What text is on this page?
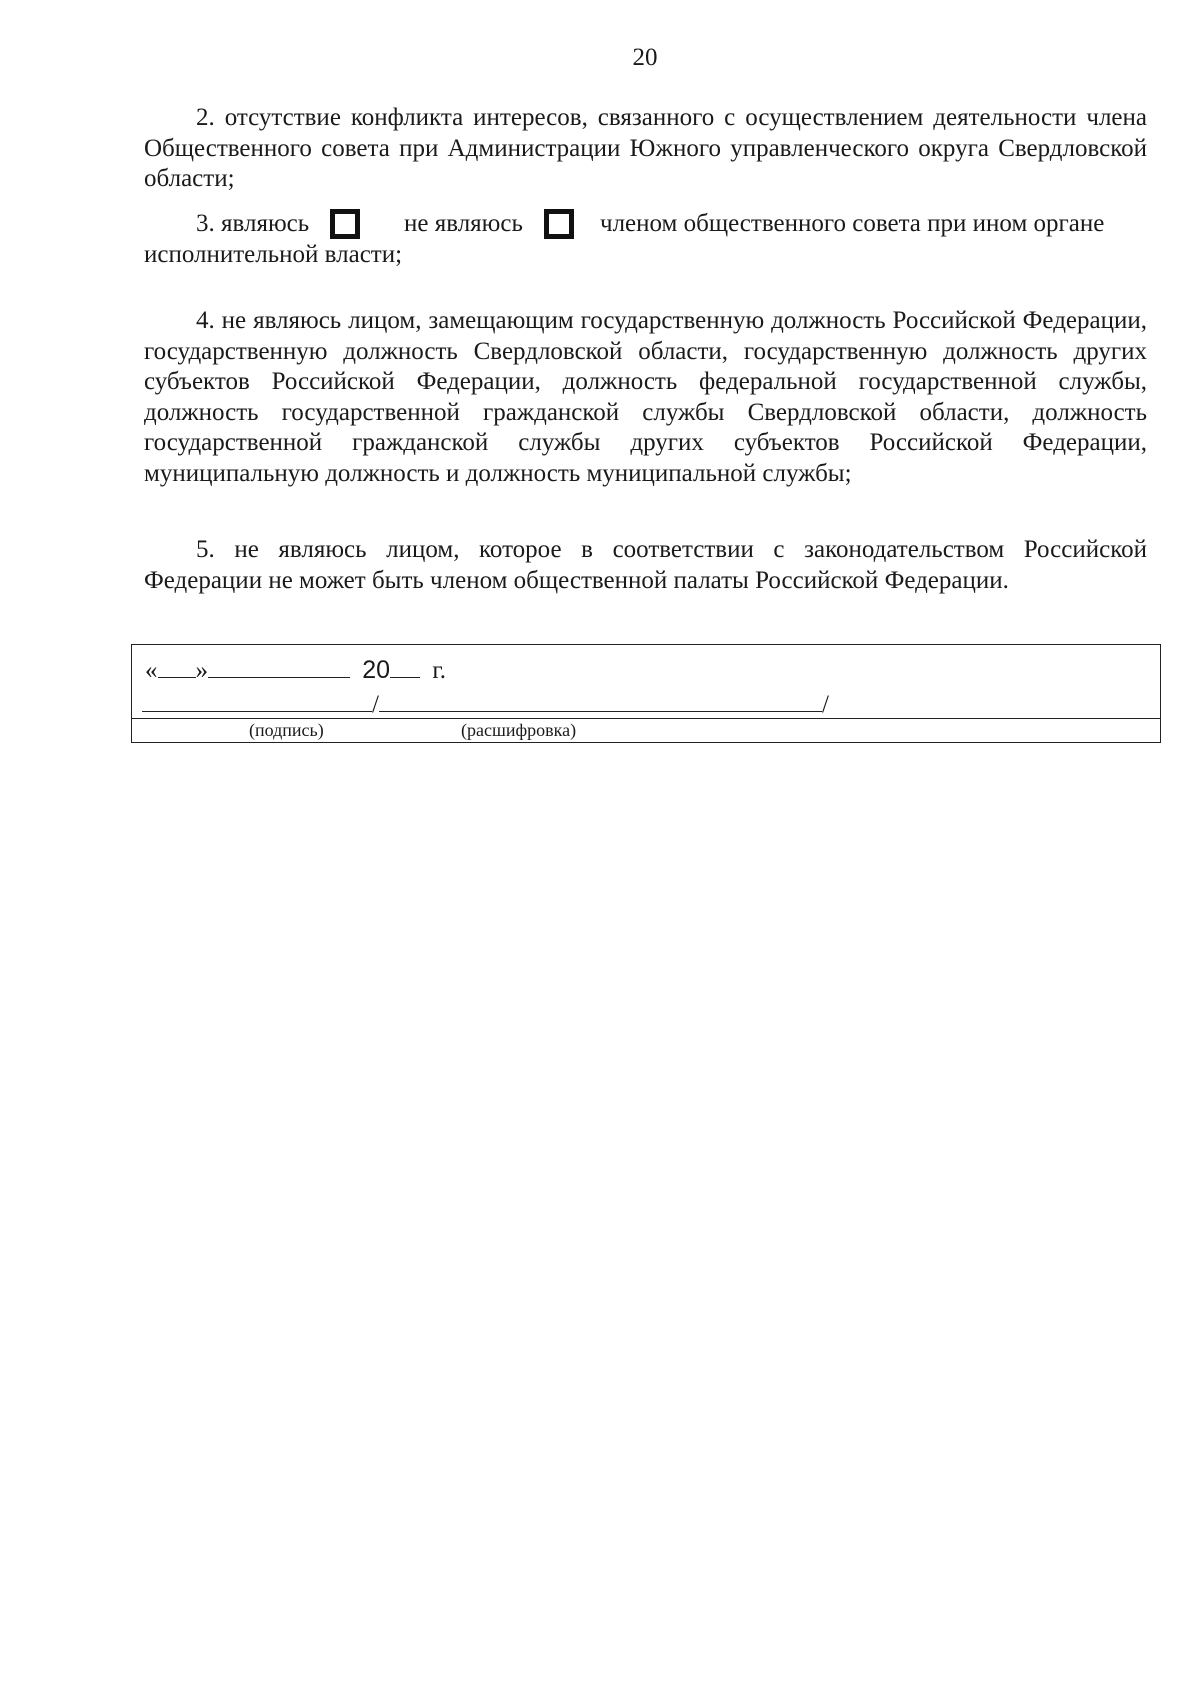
20

2. отсутствие конфликта интересов, связанного с осуществлением деятельности члена Общественного совета при Администрации Южного управленческого округа Свердловской области;

3. являюсь	не являюсь	членом общественного совета при ином органе
исполнительной власти;

4. не являюсь лицом, замещающим государственную должность Российской Федерации, государственную должность Свердловской области, государственную должность других субъектов Российской Федерации, должность федеральной государственной службы, должность государственной гражданской службы Свердловской области, должность государственной гражданской службы других субъектов Российской Федерации, муниципальную должность и должность муниципальной службы;

5. не являюсь лицом, которое в соответствии с законодательством Российской Федерации не может быть членом общественной палаты Российской Федерации.

« »	20 г.
/	/
(подпись)	(расшифровка)
